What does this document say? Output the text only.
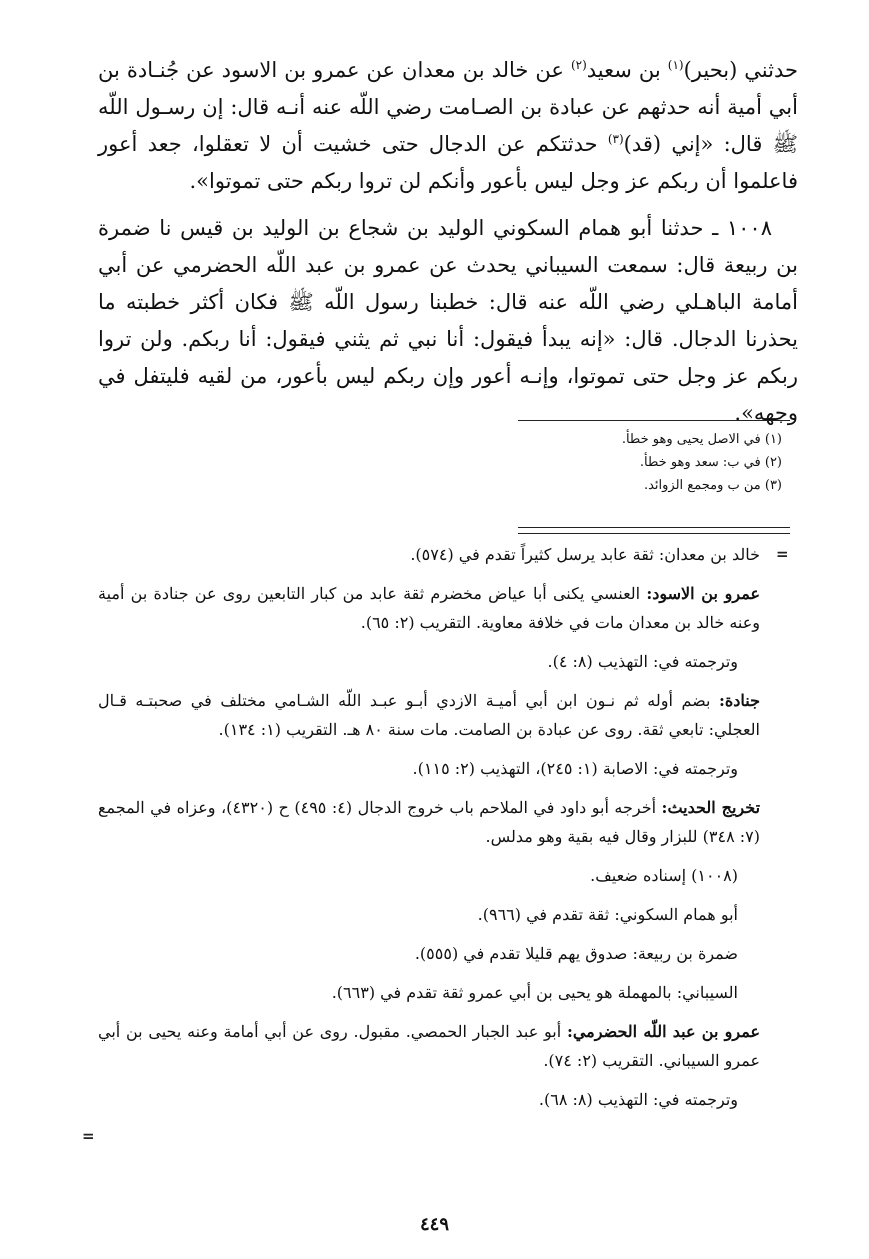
حدثني (بحير)$^{(١)}$ بن سعيد$^{(٢)}$ عن خالد بن معدان عن عمرو بن الاسود عن جُنـادة بن أبي أمية أنه حدثهم عن عبادة بن الصـامت رضي اللّه عنه أنـه قال: إن رسـول اللّه ﷺ قال: «إني (قد)$^{(٣)}$ حدثتكم عن الدجال حتى خشيت أن لا تعقلوا، جعد أعور فاعلموا أن ربكم عز وجل ليس بأعور وأنكم لن تروا ربكم حتى تموتوا».

١٠٠٨ ـ حدثنا أبو همام السكوني الوليد بن شجاع بن الوليد بن قيس نا ضمرة بن ربيعة قال: سمعت السيباني يحدث عن عمرو بن عبد اللّه الحضرمي عن أبي أمامة الباهـلي رضي اللّه عنه قال: خطبنا رسول اللّه ﷺ فكان أكثر خطبته ما يحذرنا الدجال. قال: «إنه يبدأ فيقول: أنا نبي ثم يثني فيقول: أنا ربكم. ولن تروا ربكم عز وجل حتى تموتوا، وإنـه أعور وإن ربكم ليس بأعور، من لقيه فليتفل في وجهه».

(١) في الاصل يحيى وهو خطأ.
(٢) في ب: سعد وهو خطأ.
(٣) من ب ومجمع الزوائد.
=

خالد بن معدان: ثقة عابد يرسل كثيراً تقدم في (٥٧٤).

عمرو بن الاسود: العنسي يكنى أبا عياض مخضرم ثقة عابد من كبار التابعين روى عن جنادة بن أمية وعنه خالد بن معدان مات في خلافة معاوية. التقريب (٢: ٦٥).

وترجمته في: التهذيب (٨: ٤).

جنادة: بضم أوله ثم نـون ابن أبي أميـة الازدي أبـو عبـد اللّه الشـامي مختلف في صحبتـه قـال العجلي: تابعي ثقة. روى عن عبادة بن الصامت. مات سنة ٨٠ هـ. التقريب (١: ١٣٤).

وترجمته في: الاصابة (١: ٢٤٥)، التهذيب (٢: ١١٥).

تخريج الحديث: أخرجه أبو داود في الملاحم باب خروج الدجال (٤: ٤٩٥) ح (٤٣٢٠)، وعزاه في المجمع (٧: ٣٤٨) للبزار وقال فيه بقية وهو مدلس.

(١٠٠٨) إسناده ضعيف.

أبو همام السكوني: ثقة تقدم في (٩٦٦).

ضمرة بن ربيعة: صدوق يهم قليلا تقدم في (٥٥٥).

السيباني: بالمهملة هو يحيى بن أبي عمرو ثقة تقدم في (٦٦٣).

عمرو بن عبد اللّه الحضرمي: أبو عبد الجبار الحمصي. مقبول. روى عن أبي أمامة وعنه يحيى بن أبي عمرو السيباني. التقريب (٢: ٧٤).

وترجمته في: التهذيب (٨: ٦٨).

=
٤٤٩
